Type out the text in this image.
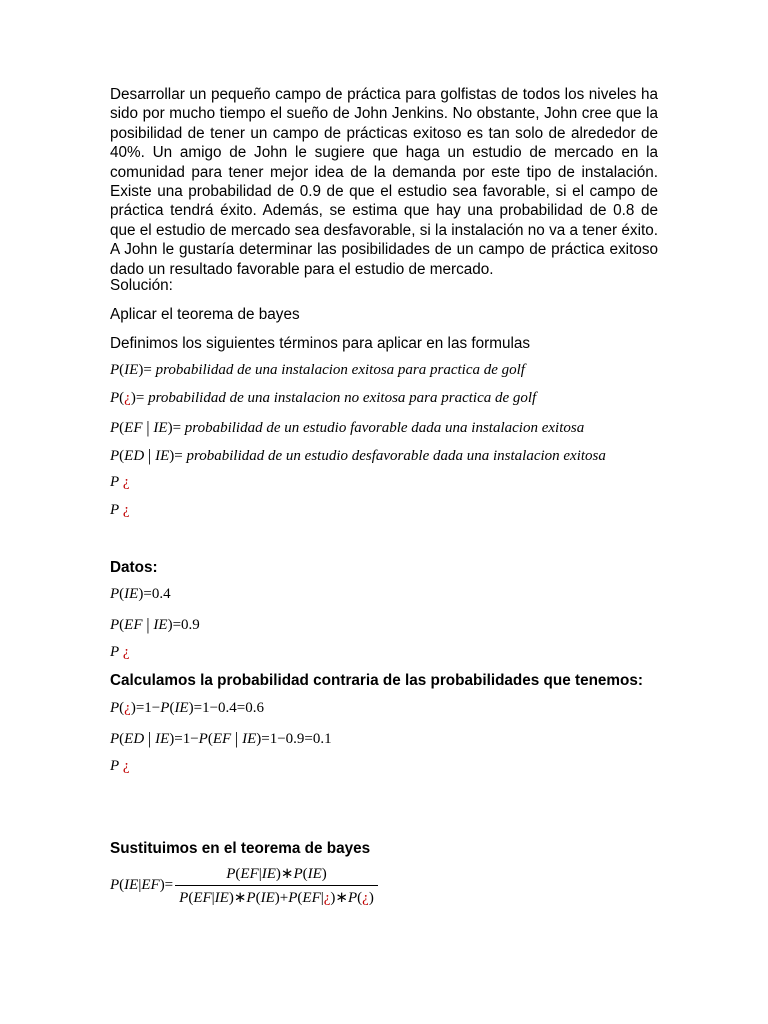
Desarrollar un pequeño campo de práctica para golfistas de todos los niveles ha sido por mucho tiempo el sueño de John Jenkins. No obstante, John cree que la posibilidad de tener un campo de prácticas exitoso es tan solo de alrededor de 40%. Un amigo de John le sugiere que haga un estudio de mercado en la comunidad para tener mejor idea de la demanda por este tipo de instalación. Existe una probabilidad de 0.9 de que el estudio sea favorable, si el campo de práctica tendrá éxito. Además, se estima que hay una probabilidad de 0.8 de que el estudio de mercado sea desfavorable, si la instalación no va a tener éxito. A John le gustaría determinar las posibilidades de un campo de práctica exitoso dado un resultado favorable para el estudio de mercado.
Solución:
Aplicar el teorema de bayes
Definimos los siguientes términos para aplicar en las formulas
P(IE)= probabilidad de una instalacion exitosa para practica de golf
P(¿)= probabilidad de una instalacion no exitosa para practica de golf
P(EF | IE)= probabilidad de un estudio favorable dada una instalacion exitosa
P(ED | IE)= probabilidad de un estudio desfavorable dada una instalacion exitosa
P ¿
P ¿
Datos:
P(IE)=0.4
P(EF | IE)=0.9
P ¿
Calculamos la probabilidad contraria de las probabilidades que tenemos:
P(¿)=1−P(IE)=1−0.4=0.6
P(ED | IE)=1−P(EF | IE)=1−0.9=0.1
P ¿
Sustituimos en el teorema de bayes
$P(IE|EF)= \frac{P(EF|IE)∗P(IE)}{P(EF|IE)∗P(IE)+P(EF|¿)∗P(¿)}$
